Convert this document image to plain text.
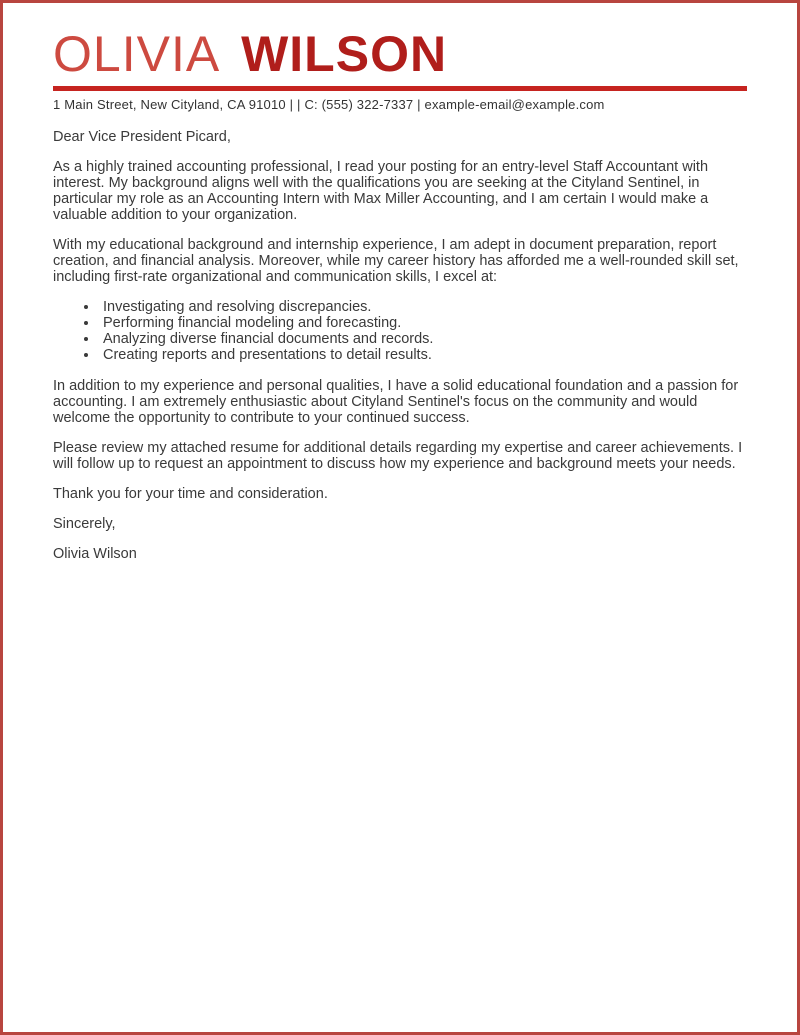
OLIVIA WILSON
1 Main Street, New Cityland, CA 91010 | | C: (555) 322-7337 | example-email@example.com

Dear Vice President Picard,

As a highly trained accounting professional, I read your posting for an entry-level Staff Accountant with interest. My background aligns well with the qualifications you are seeking at the Cityland Sentinel, in particular my role as an Accounting Intern with Max Miller Accounting, and I am certain I would make a valuable addition to your organization.

With my educational background and internship experience, I am adept in document preparation, report creation, and financial analysis. Moreover, while my career history has afforded me a well-rounded skill set, including first-rate organizational and communication skills, I excel at:

• Investigating and resolving discrepancies.
• Performing financial modeling and forecasting.
• Analyzing diverse financial documents and records.
• Creating reports and presentations to detail results.

In addition to my experience and personal qualities, I have a solid educational foundation and a passion for accounting. I am extremely enthusiastic about Cityland Sentinel's focus on the community and would welcome the opportunity to contribute to your continued success.

Please review my attached resume for additional details regarding my expertise and career achievements. I will follow up to request an appointment to discuss how my experience and background meets your needs.

Thank you for your time and consideration.

Sincerely,

Olivia Wilson
